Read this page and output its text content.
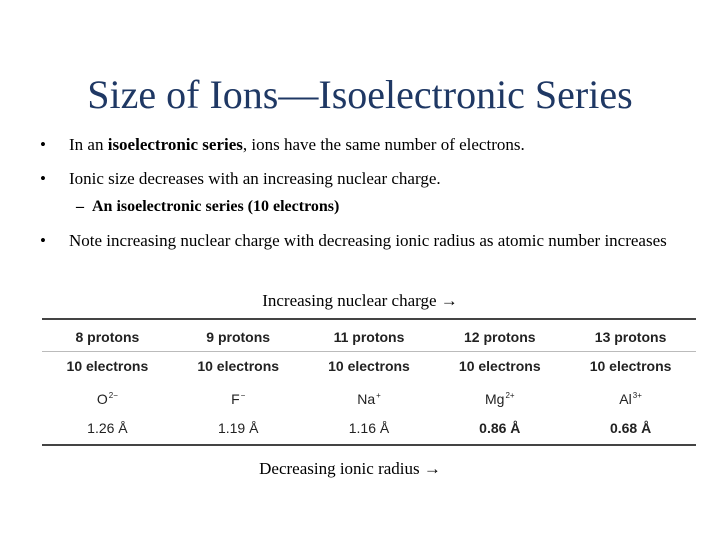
Size of Ions—Isoelectronic Series
• In an isoelectronic series, ions have the same number of electrons.
• Ionic size decreases with an increasing nuclear charge.
– An isoelectronic series (10 electrons)
• Note increasing nuclear charge with decreasing ionic radius as atomic number increases
Increasing nuclear charge →
8 protons	9 protons	11 protons	12 protons	13 protons
10 electrons	10 electrons	10 electrons	10 electrons	10 electrons
$O^{2-}$	F−	Na+	$Mg^{2+}$	$Al^{3+}$
1.26 Å	1.19 Å	1.16 Å	0.86 Å	0.68 Å
Decreasing ionic radius →
